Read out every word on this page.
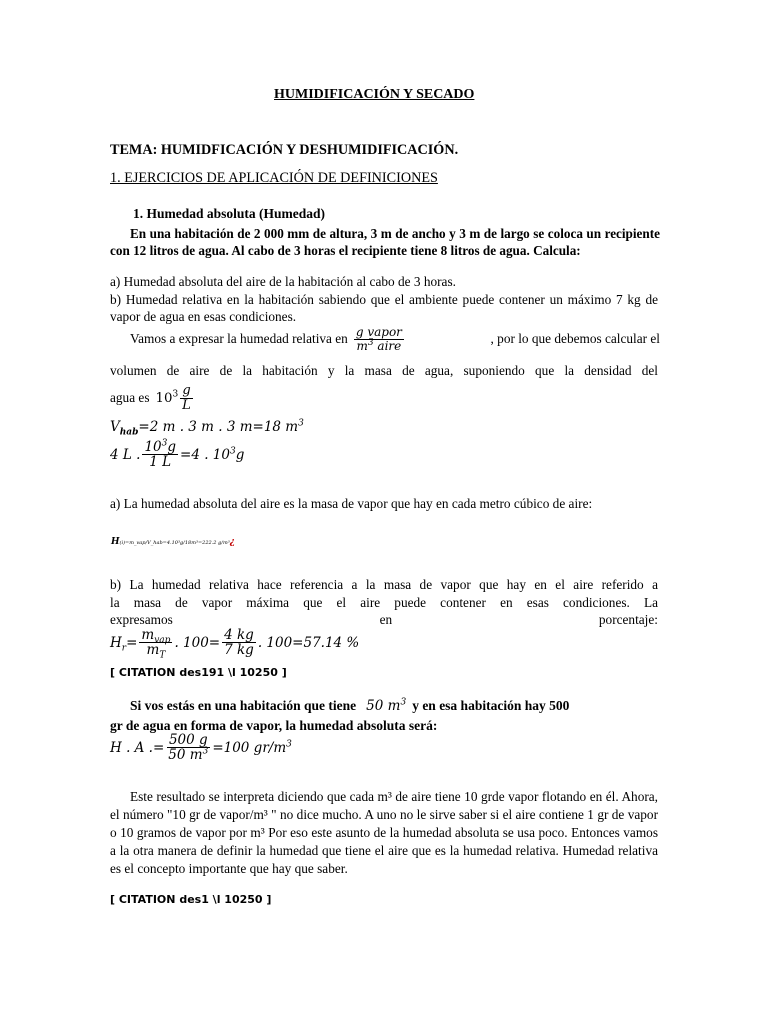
HUMIDIFICACIÓN Y SECADO
TEMA: HUMIDFICACIÓN Y DESHUMIDIFICACIÓN.
1. EJERCICIOS DE APLICACIÓN DE DEFINICIONES
1. Humedad absoluta (Humedad)
En una habitación de 2 000 mm de altura, 3 m de ancho y 3 m de largo se coloca un recipiente con 12 litros de agua. Al cabo de 3 horas el recipiente tiene 8 litros de agua. Calcula:
a) Humedad absoluta del aire de la habitación al cabo de 3 horas.
b) Humedad relativa en la habitación sabiendo que el ambiente puede contener un máximo 7 kg de vapor de agua en esas condiciones.
Vamos a expresar la humedad relativa en $\frac{\text{g vapor}}{m^3 aire}$	, por lo que debemos calcular el
volumen de aire de la habitación y la masa de agua, suponiendo que la densidad del
agua es $10^3 \frac{g}{L}$
$V_{hab}=2$ m . 3 m . 3 m=18 $m^3$
4 L . $\frac{10^3g}{1 L} =4$ . $10^3g$
a) La humedad absoluta del aire es la masa de vapor que hay en cada metro cúbico de aire:
H(i)=m_vap/V_hab=4.10³g/18m³=222.2 g/m³¿
b) La humedad relativa hace referencia a la masa de vapor que hay en el aire referido a
la masa de vapor máxima que el aire puede contener en esas condiciones. La
expresamos	en	porcentaje:
$H_r= \frac{m_{vap}}{m_T}$ . $100= \frac{4 kg}{7 kg}$ . 100=57.14 %
[ CITATION des191 \l 10250 ]
Si vos estás en una habitación que tiene 50 $m^3$ y en esa habitación hay 500
gr de agua en forma de vapor, la humedad absoluta será:
H . A .= $\frac{500 g}{50 m^3} =100$ $gr/m^3$
Este resultado se interpreta diciendo que cada m³ de aire tiene 10 grde vapor flotando en él. Ahora, el número "10 gr de vapor/m³ " no dice mucho. A uno no le sirve saber si el aire contiene 1 gr de vapor o 10 gramos de vapor por m³ Por eso este asunto de la humedad absoluta se usa poco. Entonces vamos a la otra manera de definir la humedad que tiene el aire que es la humedad relativa. Humedad relativa es el concepto importante que hay que saber.
[ CITATION des1 \l 10250 ]
